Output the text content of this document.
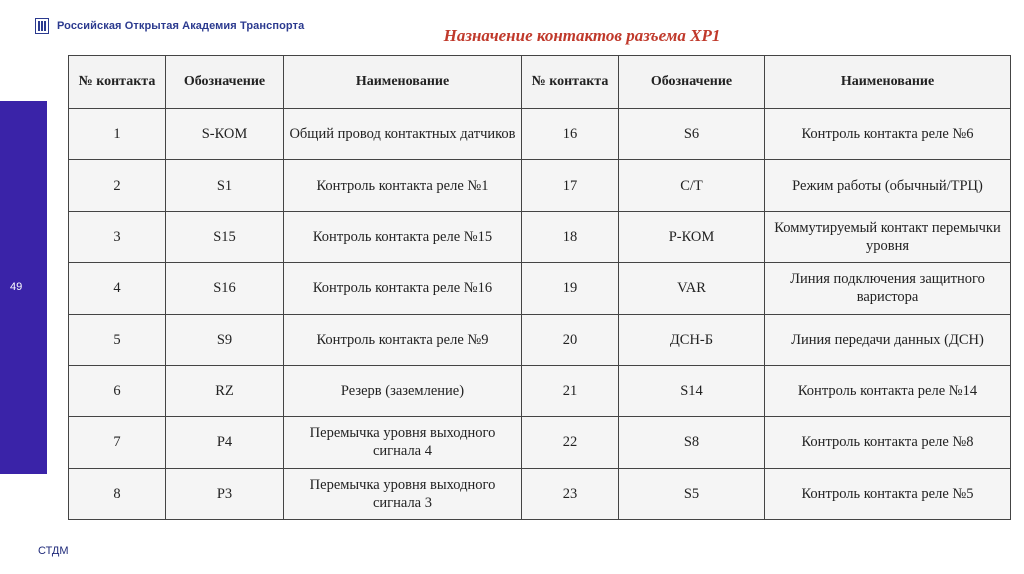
Российская Открытая Академия Транспорта	Назначение контактов разъема ХР1
49
№ контакта	Обозначение	Наименование	№ контакта	Обозначение	Наименование
1	S-КОМ	Общий провод контактных датчиков	16	S6	Контроль контакта реле №6
2	S1	Контроль контакта реле №1	17	С/Т	Режим работы (обычный/ТРЦ)
3	S15	Контроль контакта реле №15	18	Р-КОМ	Коммутируемый контакт перемычки уровня
4	S16	Контроль контакта реле №16	19	VAR	Линия подключения защитного варистора
5	S9	Контроль контакта реле №9	20	ДСН-Б	Линия передачи данных (ДСН)
6	RZ	Резерв (заземление)	21	S14	Контроль контакта реле №14
7	P4	Перемычка уровня выходного сигнала 4	22	S8	Контроль контакта реле №8
8	P3	Перемычка уровня выходного сигнала 3	23	S5	Контроль контакта реле №5
СТДМ
